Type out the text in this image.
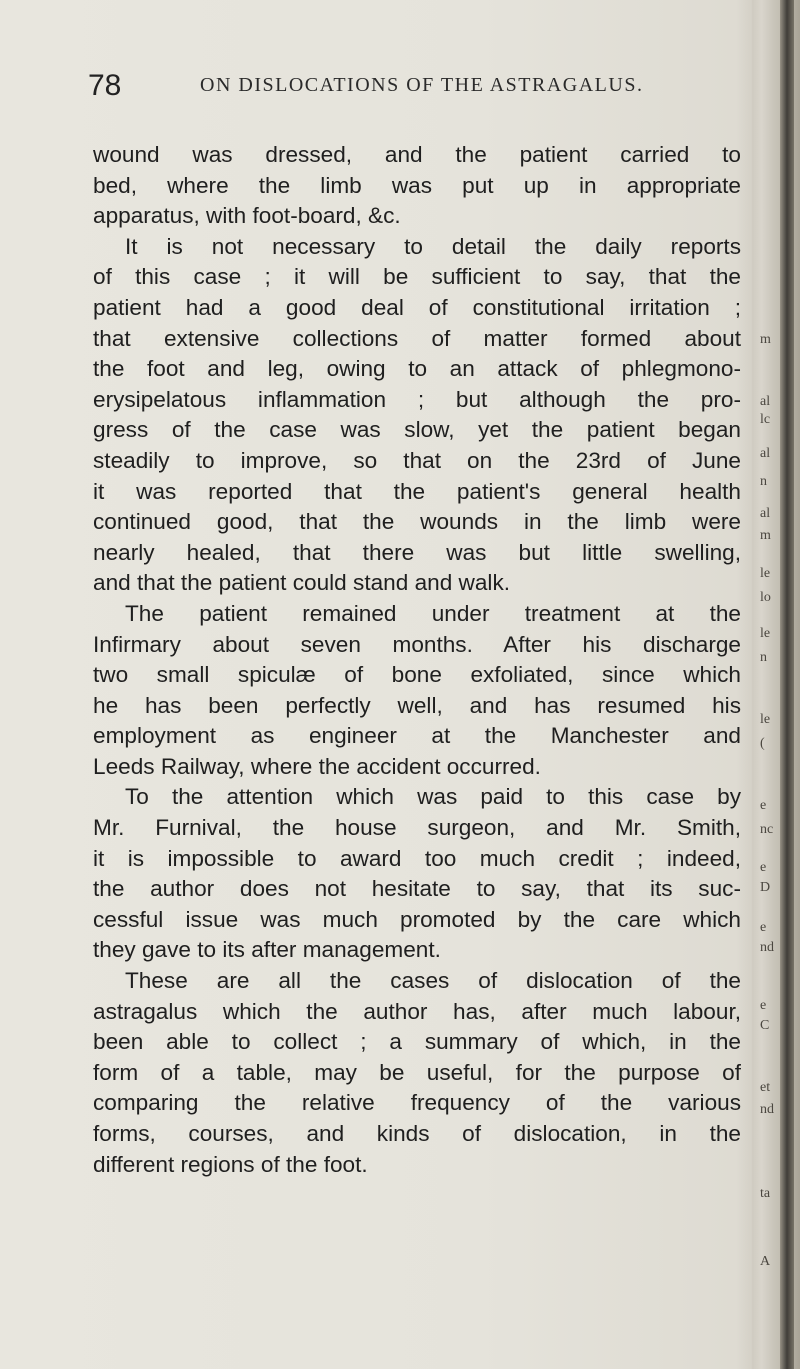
78	ON DISLOCATIONS OF THE ASTRAGALUS.
wound was dressed, and the patient carried to
bed, where the limb was put up in appropriate
apparatus, with foot-board, &c.
It is not necessary to detail the daily reports
of this case ; it will be sufficient to say, that the
patient had a good deal of constitutional irritation ;
that extensive collections of matter formed about
the foot and leg, owing to an attack of phlegmono-
erysipelatous inflammation ; but although the pro-
gress of the case was slow, yet the patient began
steadily to improve, so that on the 23rd of June
it was reported that the patient's general health
continued good, that the wounds in the limb were
nearly healed, that there was but little swelling,
and that the patient could stand and walk.
The patient remained under treatment at the
Infirmary about seven months. After his discharge
two small spiculæ of bone exfoliated, since which
he has been perfectly well, and has resumed his
employment as engineer at the Manchester and
Leeds Railway, where the accident occurred.
To the attention which was paid to this case by
Mr. Furnival, the house surgeon, and Mr. Smith,
it is impossible to award too much credit ; indeed,
the author does not hesitate to say, that its suc-
cessful issue was much promoted by the care which
they gave to its after management.
These are all the cases of dislocation of the
astragalus which the author has, after much labour,
been able to collect ; a summary of which, in the
form of a table, may be useful, for the purpose of
comparing the relative frequency of the various
forms, courses, and kinds of dislocation, in the
different regions of the foot.
m
al
lc
al
n
al
m
le
lo
le
n
le
(
e
nc
e
D
e
nd
e
C
et
nd
ta
A
